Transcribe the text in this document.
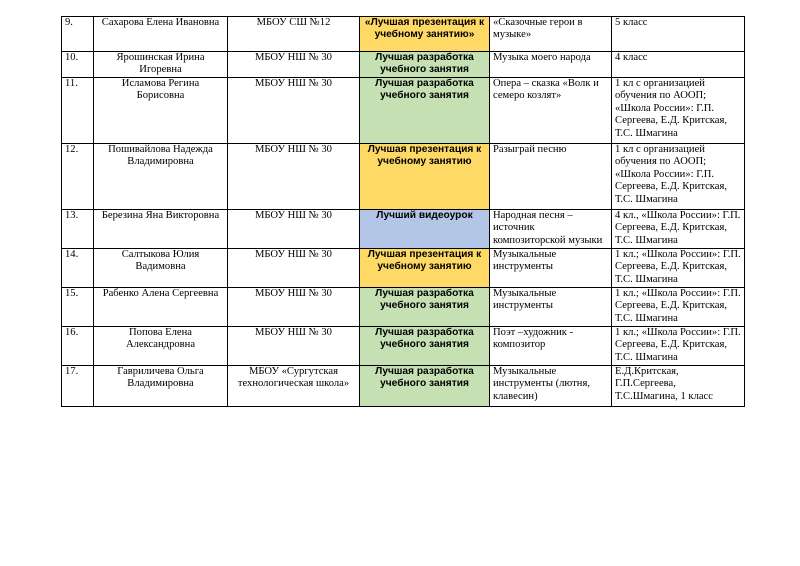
9.	Сахарова Елена Ивановна	МБОУ СШ №12	«Лучшая презентация к учебному занятию»	«Сказочные герои в музыке»	5 класс
10.	Ярошинская Ирина Игоревна	МБОУ НШ № 30	Лучшая разработка учебного занятия	Музыка моего народа	4 класс
11.	Исламова Регина Борисовна	МБОУ НШ № 30	Лучшая разработка учебного занятия	Опера – сказка «Волк и семеро козлят»	1 кл с организацией обучения по АООП; «Школа России»: Г.П. Сергеева, Е.Д. Критская, Т.С. Шмагина
12.	Пошивайлова Надежда Владимировна	МБОУ НШ № 30	Лучшая презентация к учебному занятию	Разыграй песню	1 кл с организацией обучения по АООП; «Школа России»: Г.П. Сергеева, Е.Д. Критская, Т.С. Шмагина
13.	Березина Яна Викторовна	МБОУ НШ № 30	Лучший видеоурок	Народная песня – источник композиторской музыки	4 кл., «Школа России»: Г.П. Сергеева, Е.Д. Критская, Т.С. Шмагина
14.	Салтыкова Юлия Вадимовна	МБОУ НШ № 30	Лучшая презентация к учебному занятию	Музыкальные инструменты	1 кл.; «Школа России»: Г.П. Сергеева, Е.Д. Критская, Т.С. Шмагина
15.	Рабенко Алена Сергеевна	МБОУ НШ № 30	Лучшая разработка учебного занятия	Музыкальные инструменты	1 кл.; «Школа России»: Г.П. Сергеева, Е.Д. Критская, Т.С. Шмагина
16.	Попова Елена Александровна	МБОУ НШ № 30	Лучшая разработка учебного занятия	Поэт –художник - композитор	1 кл.; «Школа России»: Г.П. Сергеева, Е.Д. Критская, Т.С. Шмагина
17.	Гавриличева Ольга Владимировна	МБОУ «Сургутская технологическая школа»	Лучшая разработка учебного занятия	Музыкальные инструменты (лютня, клавесин)	Е.Д.Критская, Г.П.Сергеева, Т.С.Шмагина, 1 класс
